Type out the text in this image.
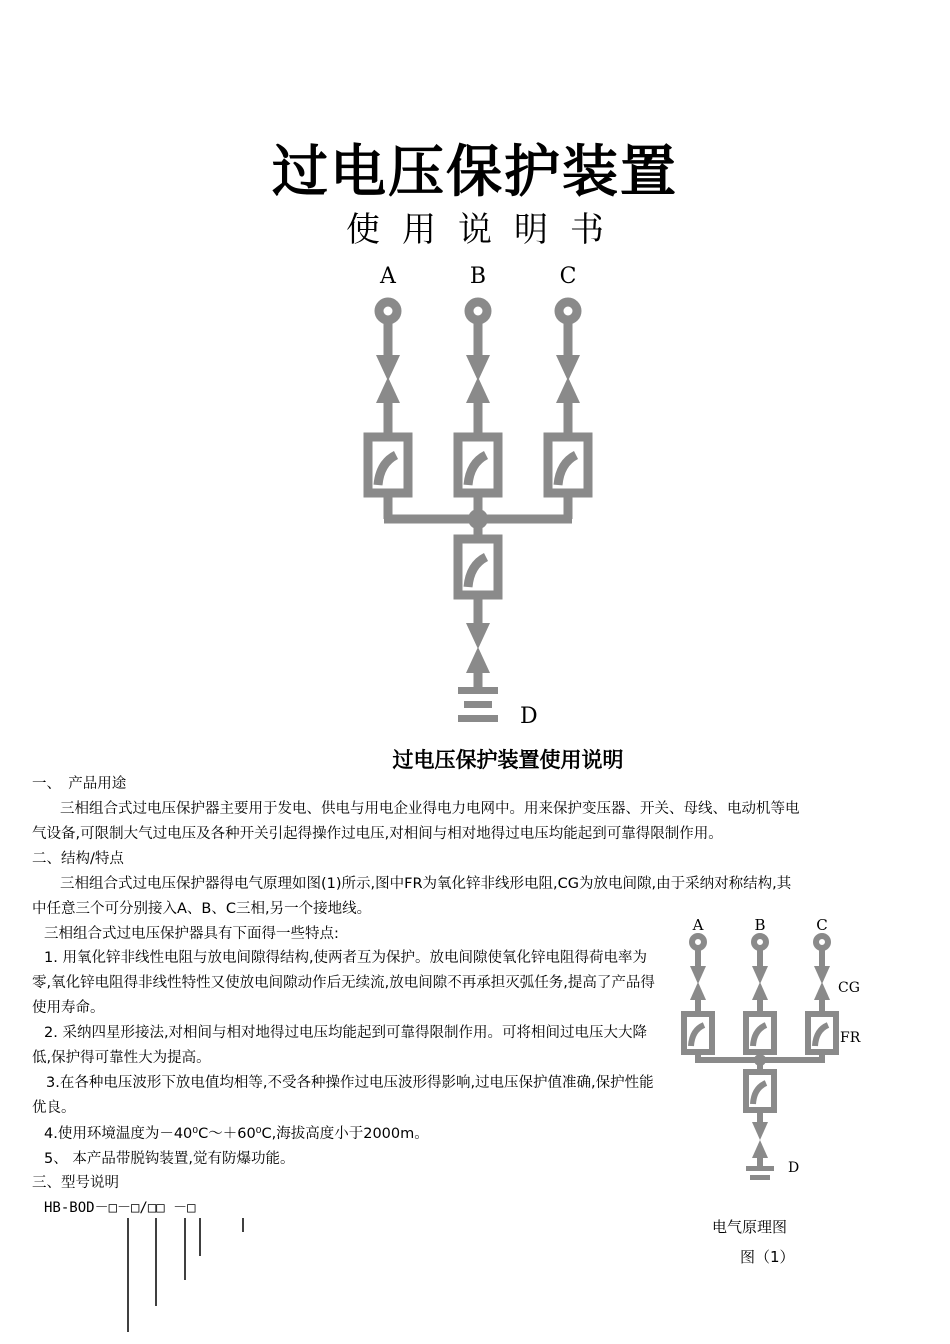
过电压保护装置
使用说明书
A	B	C
D
过电压保护装置使用说明
一、　产品用途
三相组合式过电压保护器主要用于发电、供电与用电企业得电力电网中。用来保护变压器、开关、母线、电动机等电
气设备,可限制大气过电压及各种开关引起得操作过电压,对相间与相对地得过电压均能起到可靠得限制作用。
二、结构/特点
三相组合式过电压保护器得电气原理如图(1)所示,图中FR为氧化锌非线形电阻,CG为放电间隙,由于采纳对称结构,其
中任意三个可分别接入A、B、C三相,另一个接地线。
三相组合式过电压保护器具有下面得一些特点:
1. 用氧化锌非线性电阻与放电间隙得结构,使两者互为保护。放电间隙使氧化锌电阻得荷电率为零,氧化锌电阻得非线性特性又使放电间隙动作后无续流,放电间隙不再承担灭弧任务,提高了产品得使用寿命。
2. 采纳四星形接法,对相间与相对地得过电压均能起到可靠得限制作用。可将相间过电压大大降低,保护得可靠性大为提高。
3.在各种电压波形下放电值均相等,不受各种操作过电压波形得影响,过电压保护值准确,保护性能优良。
4.使用环境温度为－40⁰C～＋60⁰C,海拔高度小于2000m。
5、 本产品带脱钩装置,觉有防爆功能。
三、型号说明
HB-BOD－□－□/□□ －□
A	B	C
CG
FR
D
电气原理图
图（1）
